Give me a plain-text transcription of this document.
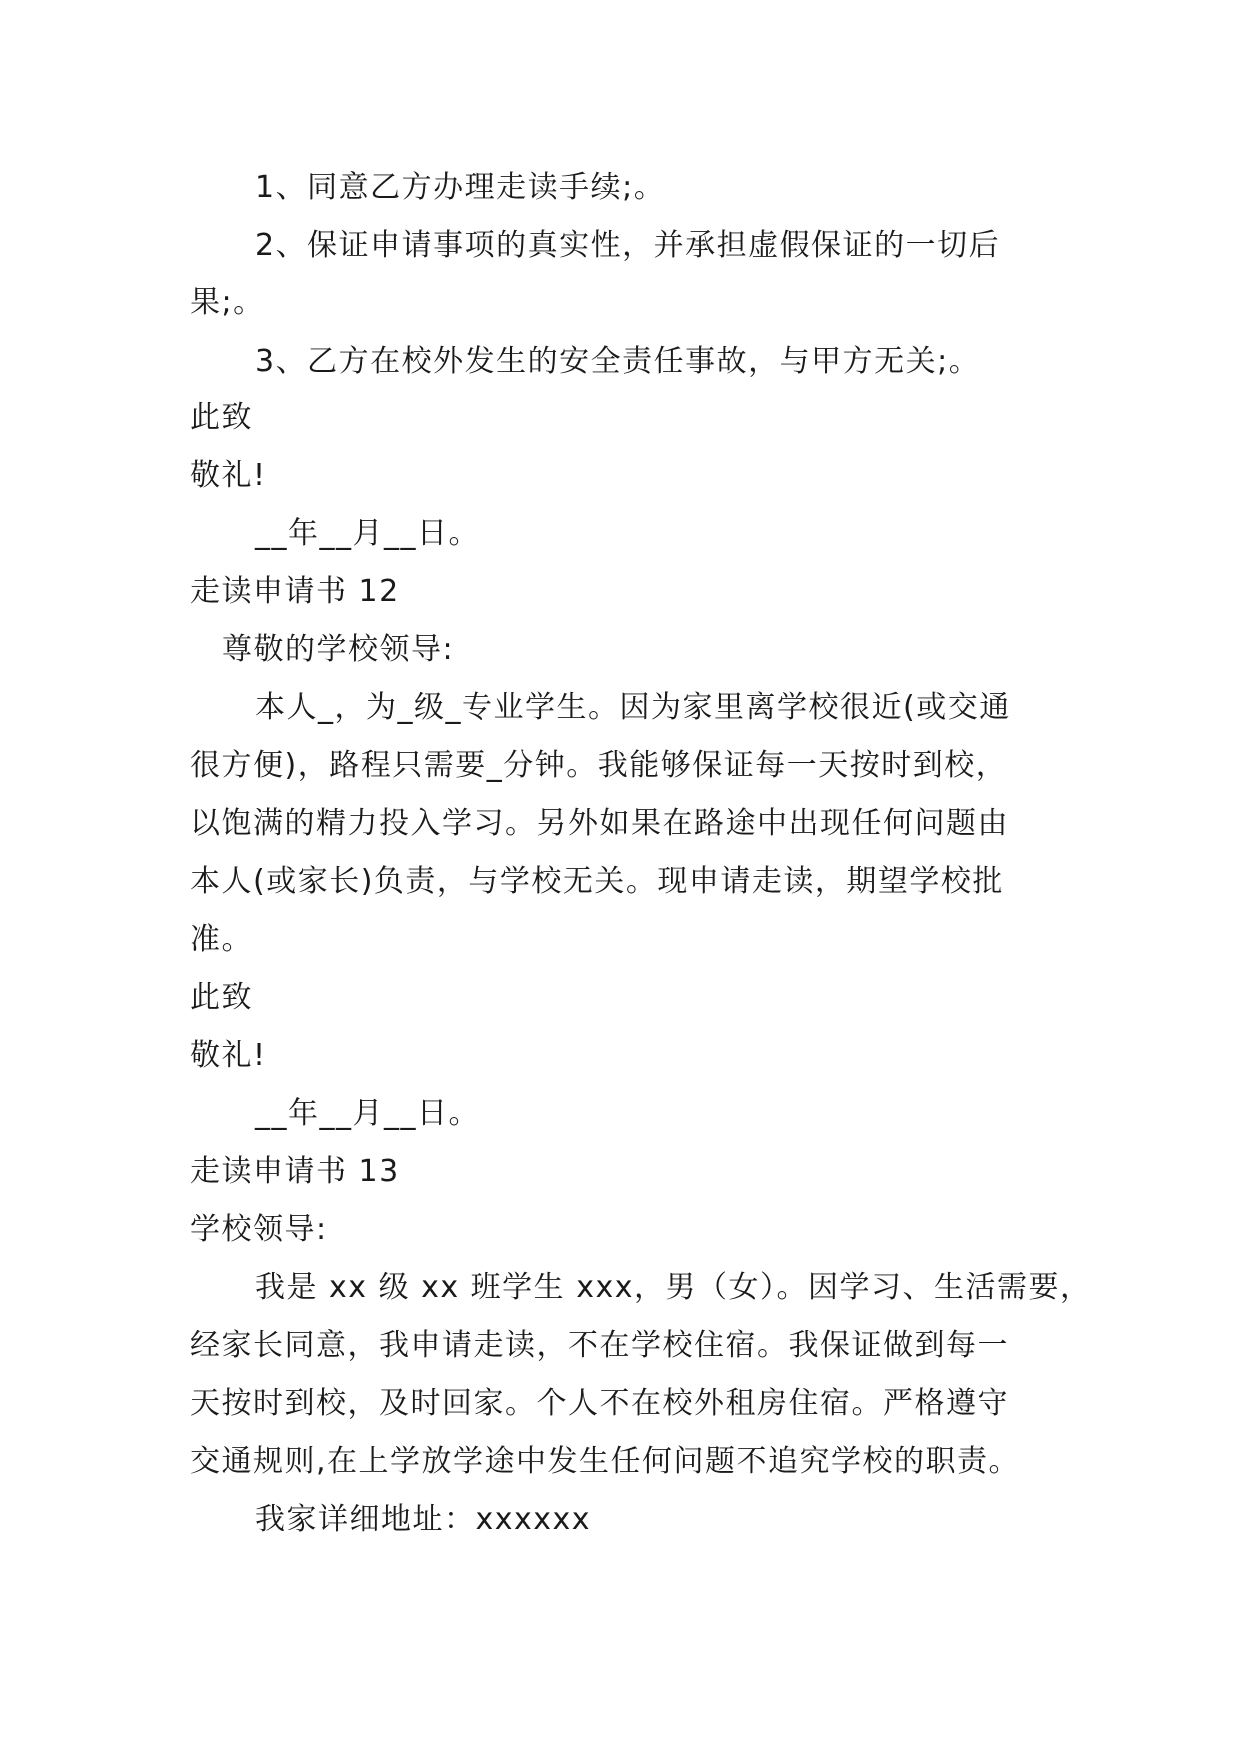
1、同意乙方办理走读手续;。
2、保证申请事项的真实性，并承担虚假保证的一切后
果;。
3、乙方在校外发生的安全责任事故，与甲方无关;。
此致
敬礼!
__年__月__日。
走读申请书 12
尊敬的学校领导:
本人_，为_级_专业学生。因为家里离学校很近(或交通
很方便)，路程只需要_分钟。我能够保证每一天按时到校，
以饱满的精力投入学习。另外如果在路途中出现任何问题由
本人(或家长)负责，与学校无关。现申请走读，期望学校批
准。
此致
敬礼!
__年__月__日。
走读申请书 13
学校领导:
我是 xx 级 xx 班学生 xxx，男（女）。因学习、生活需要，
经家长同意，我申请走读，不在学校住宿。我保证做到每一
天按时到校，及时回家。个人不在校外租房住宿。严格遵守
交通规则,在上学放学途中发生任何问题不追究学校的职责。
我家详细地址：xxxxxx
